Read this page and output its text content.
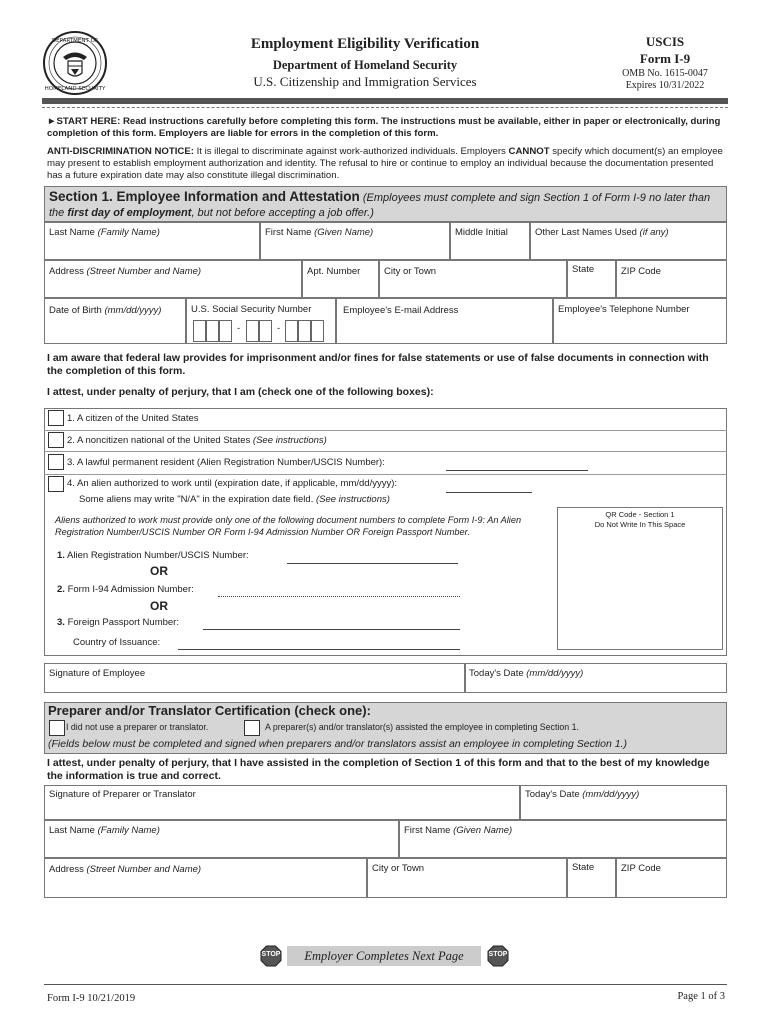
DEPARTMENT OF
HOMELAND SECURITY
Employment Eligibility Verification
Department of Homeland Security
U.S. Citizenship and Immigration Services
USCIS
Form I-9
OMB No. 1615-0047
Expires 10/31/2022
►START HERE: Read instructions carefully before completing this form. The instructions must be available, either in paper or electronically, during completion of this form. Employers are liable for errors in the completion of this form.
ANTI-DISCRIMINATION NOTICE: It is illegal to discriminate against work-authorized individuals. Employers CANNOT specify which document(s) an employee may present to establish employment authorization and identity. The refusal to hire or continue to employ an individual because the documentation presented has a future expiration date may also constitute illegal discrimination.
Section 1. Employee Information and Attestation (Employees must complete and sign Section 1 of Form I-9 no later than the first day of employment, but not before accepting a job offer.)
Last Name (Family Name)	First Name (Given Name)	Middle Initial	Other Last Names Used (if any)
Address (Street Number and Name)	Apt. Number City or Town	State	ZIP Code
Date of Birth (mm/dd/yyyy)	U.S. Social Security Number	Employee's E-mail Address	Employee's Telephone Number
-	-
I am aware that federal law provides for imprisonment and/or fines for false statements or use of false documents in connection with the completion of this form.
I attest, under penalty of perjury, that I am (check one of the following boxes):
1. A citizen of the United States
2. A noncitizen national of the United States (See instructions)
3. A lawful permanent resident (Alien Registration Number/USCIS Number):
4. An alien authorized to work until (expiration date, if applicable, mm/dd/yyyy):
Some aliens may write "N/A" in the expiration date field. (See instructions)
Aliens authorized to work must provide only one of the following document numbers to complete Form I-9: An Alien Registration Number/USCIS Number OR Form I-94 Admission Number OR Foreign Passport Number.
QR Code - Section 1
Do Not Write In This Space
1. Alien Registration Number/USCIS Number:
OR
2. Form I-94 Admission Number:
OR
3. Foreign Passport Number:
Country of Issuance:
Signature of Employee	Today's Date (mm/dd/yyyy)
Preparer and/or Translator Certification (check one):
I did not use a preparer or translator.	A preparer(s) and/or translator(s) assisted the employee in completing Section 1.
(Fields below must be completed and signed when preparers and/or translators assist an employee in completing Section 1.)
I attest, under penalty of perjury, that I have assisted in the completion of Section 1 of this form and that to the best of my knowledge the information is true and correct.
Signature of Preparer or Translator	Today's Date (mm/dd/yyyy)
Last Name (Family Name)	First Name (Given Name)
Address (Street Number and Name)	City or Town	State	ZIP Code
STOP	Employer Completes Next Page	STOP
Form I-9 10/21/2019	Page 1 of 3
